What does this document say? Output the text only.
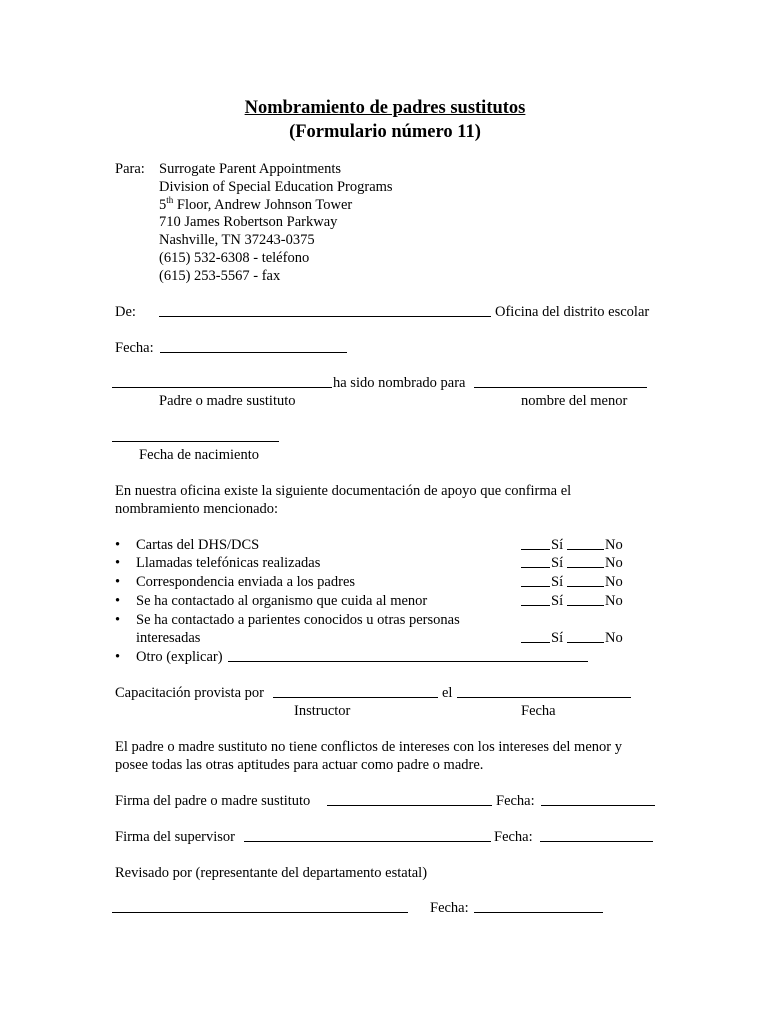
Nombramiento de padres sustitutos
(Formulario número 11)
Para: Surrogate Parent Appointments
Division of Special Education Programs
5th Floor, Andrew Johnson Tower
710 James Robertson Parkway
Nashville, TN 37243-0375
(615) 532-6308 - teléfono
(615) 253-5567 - fax
De:	Oficina del distrito escolar
Fecha:
ha sido nombrado para
Padre o madre sustituto	nombre del menor
Fecha de nacimiento
En nuestra oficina existe la siguiente documentación de apoyo que confirma el
nombramiento mencionado:
• Cartas del DHS/DCS	Sí	No
• Llamadas telefónicas realizadas	Sí	No
• Correspondencia enviada a los padres	Sí	No
• Se ha contactado al organismo que cuida al menor	Sí	No
• Se ha contactado a parientes conocidos u otras personas
interesadas	Sí	No
• Otro (explicar)
Capacitación provista por	el
Instructor	Fecha
El padre o madre sustituto no tiene conflictos de intereses con los intereses del menor y
posee todas las otras aptitudes para actuar como padre o madre.
Firma del padre o madre sustituto	Fecha:
Firma del supervisor	Fecha:
Revisado por (representante del departamento estatal)
Fecha:
